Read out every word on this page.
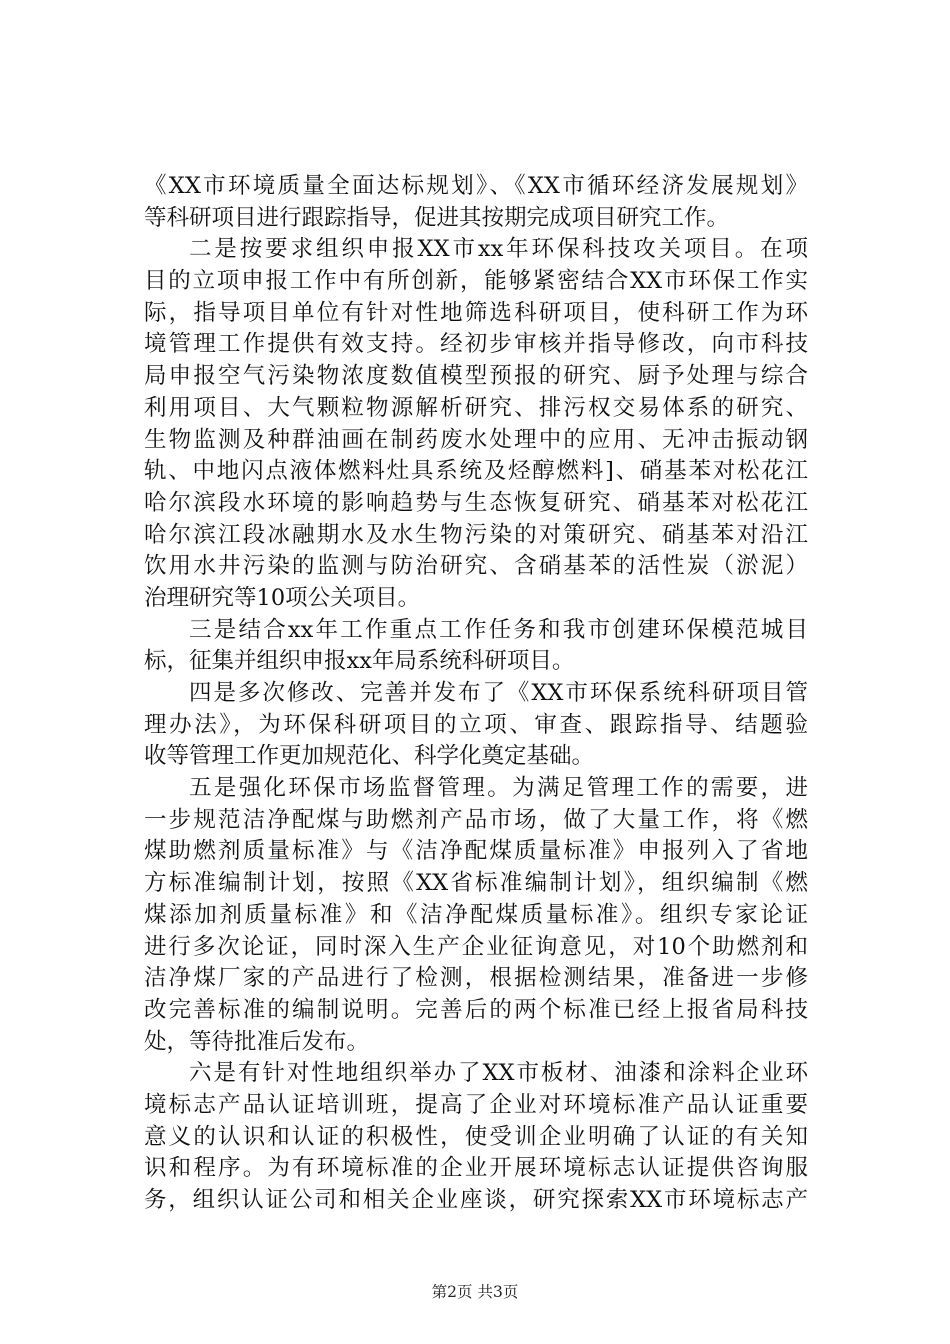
《XX市环境质量全面达标规划》、《XX市循环经济发展规划》
等科研项目进行跟踪指导，促进其按期完成项目研究工作。
二是按要求组织申报XX市xx年环保科技攻关项目。在项
目的立项申报工作中有所创新，能够紧密结合XX市环保工作实
际，指导项目单位有针对性地筛选科研项目，使科研工作为环
境管理工作提供有效支持。经初步审核并指导修改，向市科技
局申报空气污染物浓度数值模型预报的研究、厨予处理与综合
利用项目、大气颗粒物源解析研究、排污权交易体系的研究、
生物监测及种群油画在制药废水处理中的应用、无冲击振动钢
轨、中地闪点液体燃料灶具系统及烃醇燃料]、硝基苯对松花江
哈尔滨段水环境的影响趋势与生态恢复研究、硝基苯对松花江
哈尔滨江段冰融期水及水生物污染的对策研究、硝基苯对沿江
饮用水井污染的监测与防治研究、含硝基苯的活性炭（淤泥）
治理研究等10项公关项目。
三是结合xx年工作重点工作任务和我市创建环保模范城目
标，征集并组织申报xx年局系统科研项目。
四是多次修改、完善并发布了《XX市环保系统科研项目管
理办法》，为环保科研项目的立项、审查、跟踪指导、结题验
收等管理工作更加规范化、科学化奠定基础。
五是强化环保市场监督管理。为满足管理工作的需要，进
一步规范洁净配煤与助燃剂产品市场，做了大量工作，将《燃
煤助燃剂质量标准》与《洁净配煤质量标准》申报列入了省地
方标准编制计划，按照《XX省标准编制计划》，组织编制《燃
煤添加剂质量标准》和《洁净配煤质量标准》。组织专家论证
进行多次论证，同时深入生产企业征询意见，对10个助燃剂和
洁净煤厂家的产品进行了检测，根据检测结果，准备进一步修
改完善标准的编制说明。完善后的两个标准已经上报省局科技
处，等待批准后发布。
六是有针对性地组织举办了XX市板材、油漆和涂料企业环
境标志产品认证培训班，提高了企业对环境标准产品认证重要
意义的认识和认证的积极性，使受训企业明确了认证的有关知
识和程序。为有环境标准的企业开展环境标志认证提供咨询服
务，组织认证公司和相关企业座谈，研究探索XX市环境标志产
第2页 共3页
